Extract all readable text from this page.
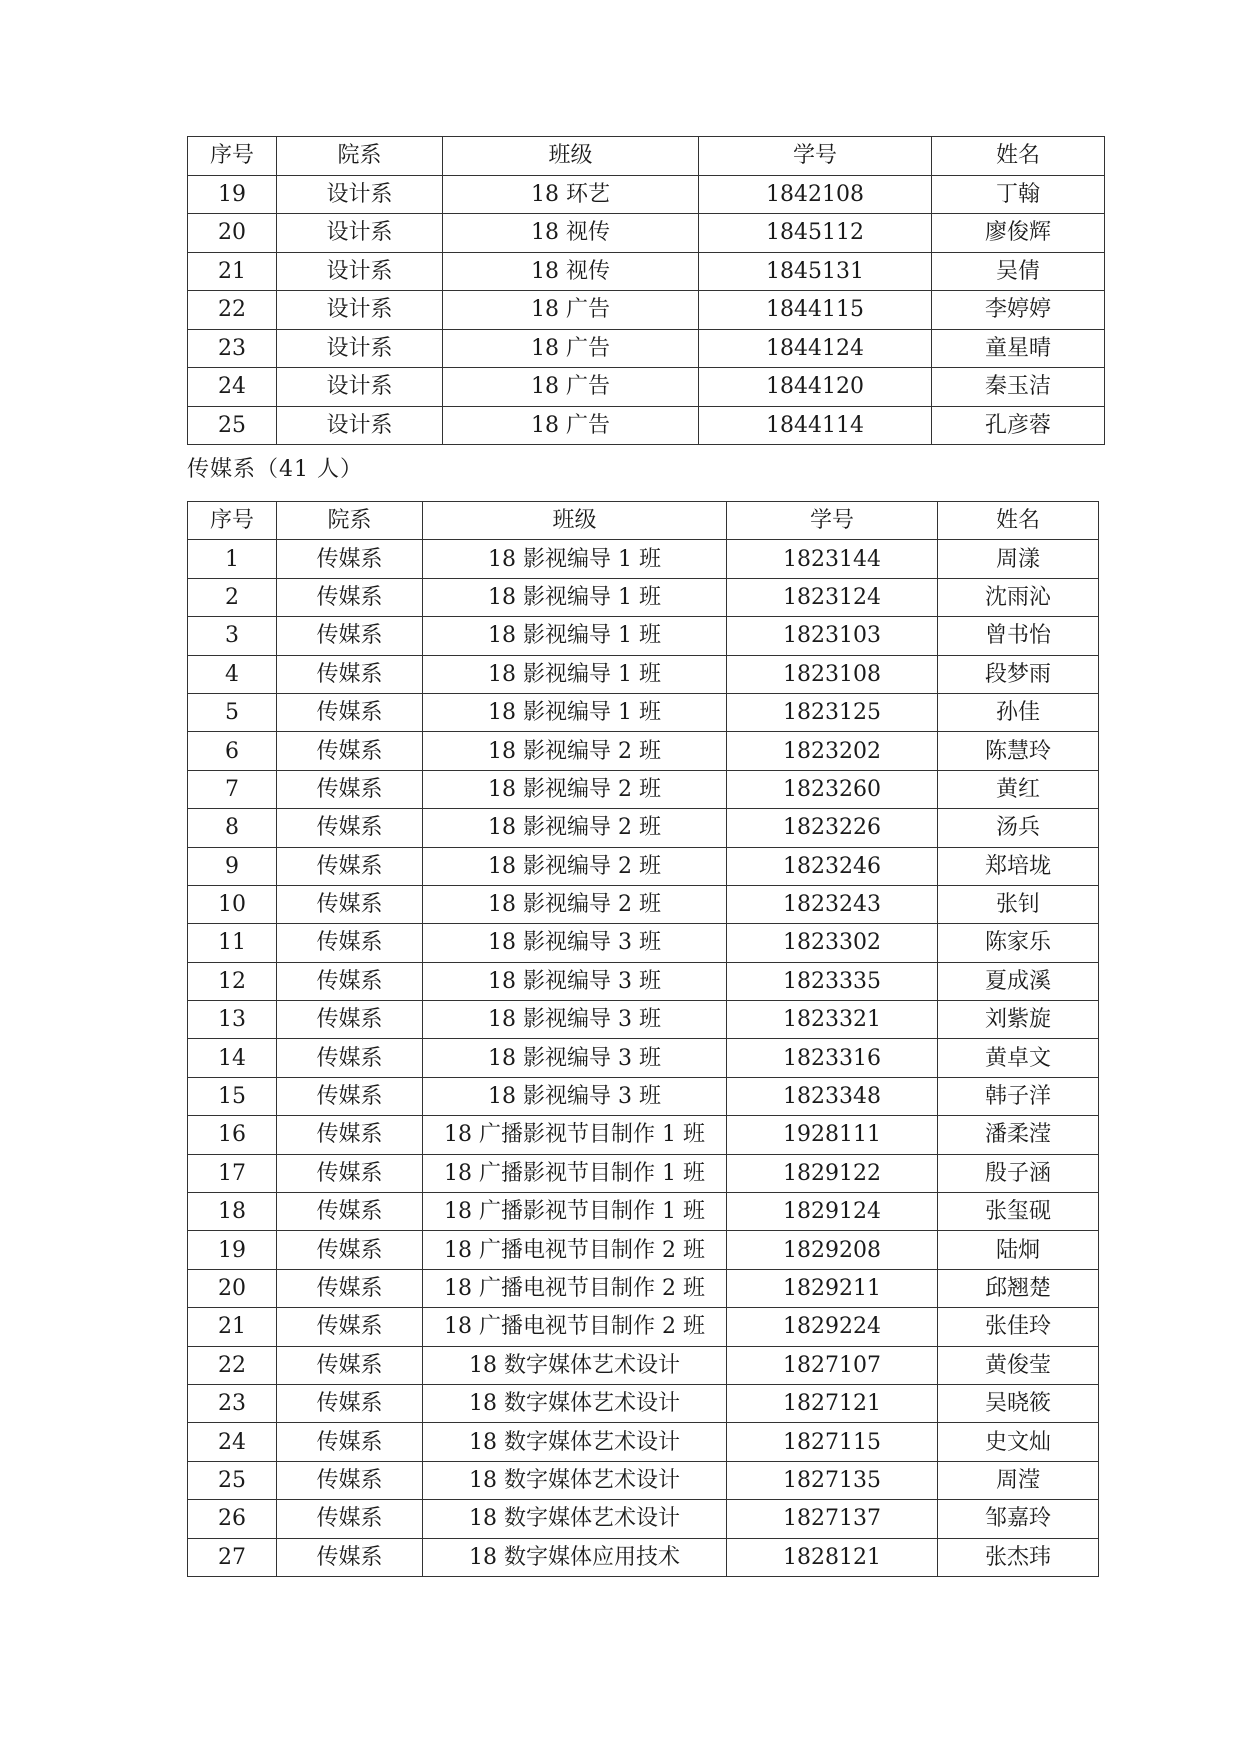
序号	院系	班级	学号	姓名
19	设计系	18 环艺	1842108	丁翰
20	设计系	18 视传	1845112	廖俊辉
21	设计系	18 视传	1845131	吴倩
22	设计系	18 广告	1844115	李婷婷
23	设计系	18 广告	1844124	童星晴
24	设计系	18 广告	1844120	秦玉洁
25	设计系	18 广告	1844114	孔彦蓉
传媒系（41 人）
序号	院系	班级	学号	姓名
1	传媒系	18 影视编导 1 班	1823144	周漾
2	传媒系	18 影视编导 1 班	1823124	沈雨沁
3	传媒系	18 影视编导 1 班	1823103	曾书怡
4	传媒系	18 影视编导 1 班	1823108	段梦雨
5	传媒系	18 影视编导 1 班	1823125	孙佳
6	传媒系	18 影视编导 2 班	1823202	陈慧玲
7	传媒系	18 影视编导 2 班	1823260	黄红
8	传媒系	18 影视编导 2 班	1823226	汤兵
9	传媒系	18 影视编导 2 班	1823246	郑培垅
10	传媒系	18 影视编导 2 班	1823243	张钊
11	传媒系	18 影视编导 3 班	1823302	陈家乐
12	传媒系	18 影视编导 3 班	1823335	夏成溪
13	传媒系	18 影视编导 3 班	1823321	刘紫旋
14	传媒系	18 影视编导 3 班	1823316	黄卓文
15	传媒系	18 影视编导 3 班	1823348	韩子洋
16	传媒系	18 广播影视节目制作 1 班	1928111	潘柔滢
17	传媒系	18 广播影视节目制作 1 班	1829122	殷子涵
18	传媒系	18 广播影视节目制作 1 班	1829124	张玺砚
19	传媒系	18 广播电视节目制作 2 班	1829208	陆炯
20	传媒系	18 广播电视节目制作 2 班	1829211	邱翘楚
21	传媒系	18 广播电视节目制作 2 班	1829224	张佳玲
22	传媒系	18 数字媒体艺术设计	1827107	黄俊莹
23	传媒系	18 数字媒体艺术设计	1827121	吴晓筱
24	传媒系	18 数字媒体艺术设计	1827115	史文灿
25	传媒系	18 数字媒体艺术设计	1827135	周滢
26	传媒系	18 数字媒体艺术设计	1827137	邹嘉玲
27	传媒系	18 数字媒体应用技术	1828121	张杰玮
